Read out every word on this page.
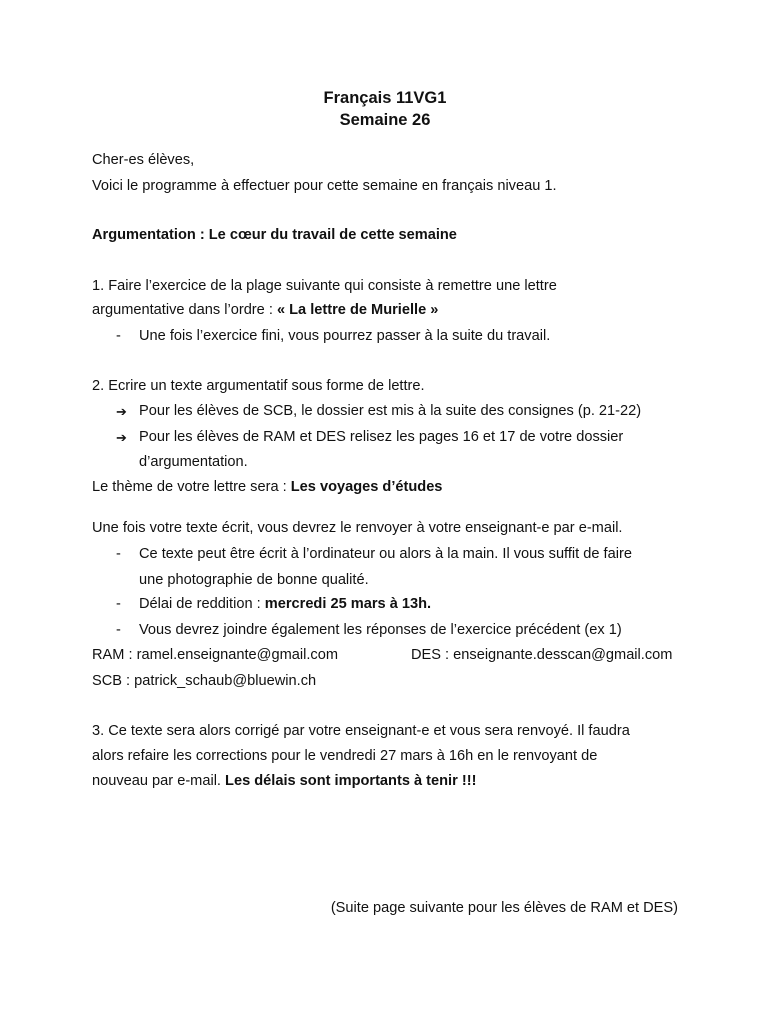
Français 11VG1
Semaine 26
Cher-es élèves,
Voici le programme à effectuer pour cette semaine en français niveau 1.
Argumentation : Le cœur du travail de cette semaine
1. Faire l’exercice de la plage suivante qui consiste à remettre une lettre
argumentative dans l’ordre : « La lettre de Murielle »
- Une fois l’exercice fini, vous pourrez passer à la suite du travail.
2. Ecrire un texte argumentatif sous forme de lettre.
➔ Pour les élèves de SCB, le dossier est mis à la suite des consignes (p. 21-22)
➔ Pour les élèves de RAM et DES relisez les pages 16 et 17 de votre dossier
d’argumentation.
Le thème de votre lettre sera : Les voyages d’études
Une fois votre texte écrit, vous devrez le renvoyer à votre enseignant-e par e-mail.
- Ce texte peut être écrit à l’ordinateur ou alors à la main. Il vous suffit de faire
une photographie de bonne qualité.
- Délai de reddition : mercredi 25 mars à 13h.
- Vous devrez joindre également les réponses de l’exercice précédent (ex 1)
RAM : ramel.enseignante@gmail.com	DES : enseignante.desscan@gmail.com
SCB : patrick_schaub@bluewin.ch
3. Ce texte sera alors corrigé par votre enseignant-e et vous sera renvoyé. Il faudra
alors refaire les corrections pour le vendredi 27 mars à 16h en le renvoyant de
nouveau par e-mail. Les délais sont importants à tenir !!!
(Suite page suivante pour les élèves de RAM et DES)
